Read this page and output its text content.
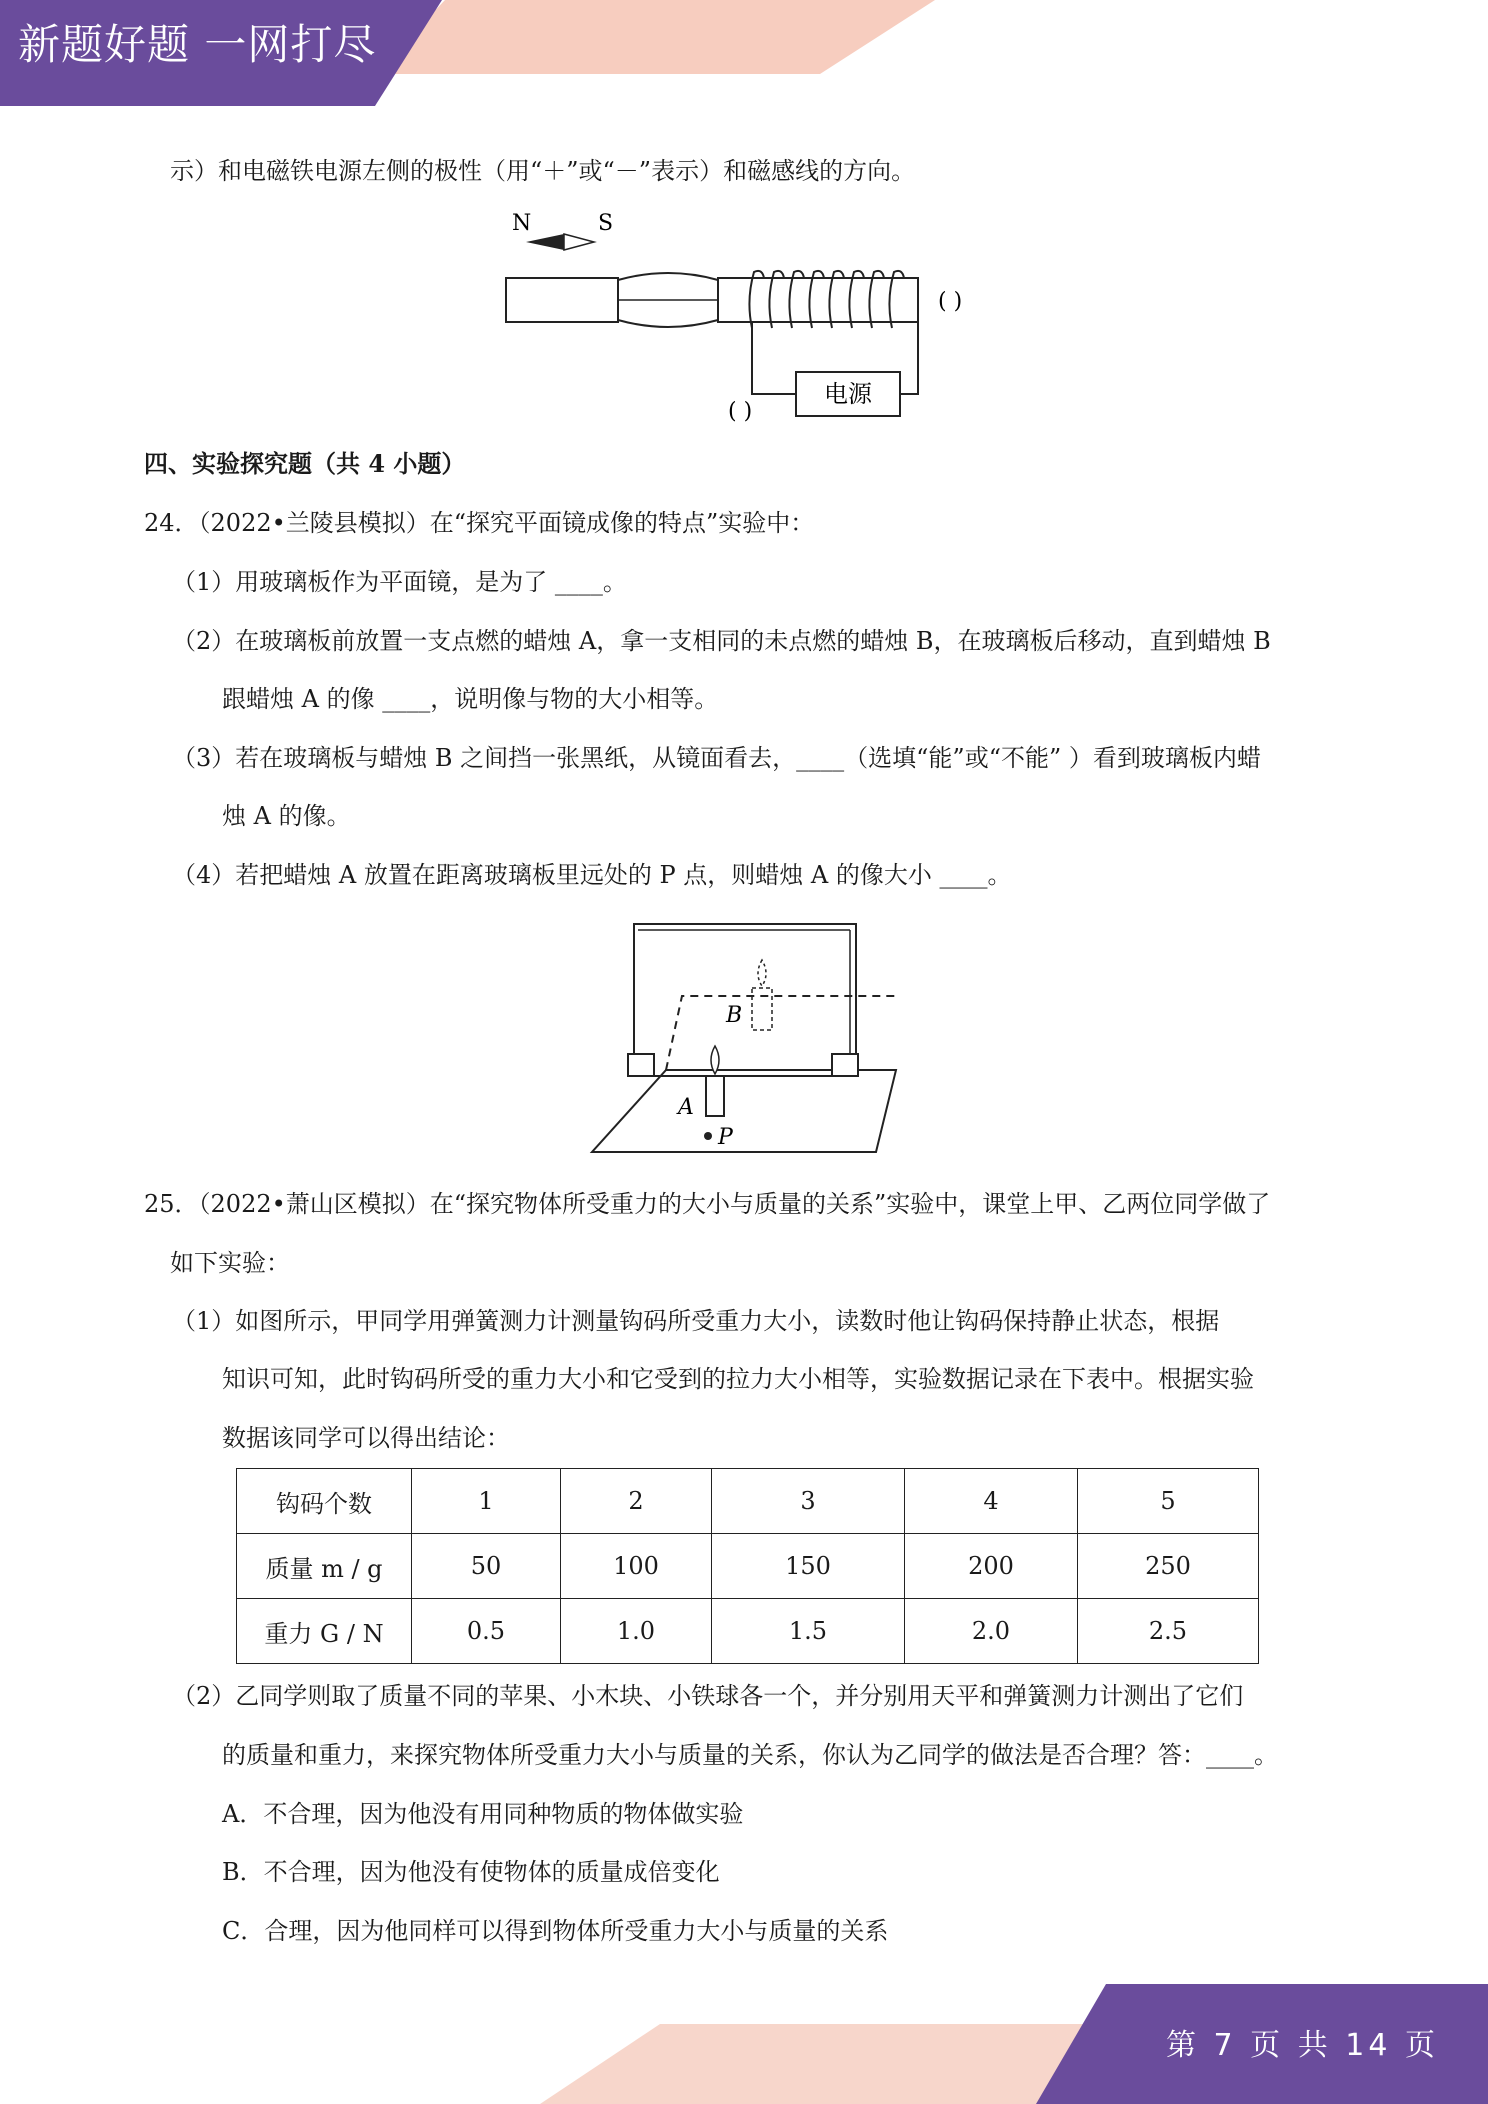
新题好题 一网打尽
示）和电磁铁电源左侧的极性（用“＋”或“－”表示）和磁感线的方向。
N	S
电源
( )
( )
四、实验探究题（共 4 小题）
24．（2022•兰陵县模拟）在“探究平面镜成像的特点”实验中：
（1）用玻璃板作为平面镜，是为了 ____。
（2）在玻璃板前放置一支点燃的蜡烛 A，拿一支相同的未点燃的蜡烛 B，在玻璃板后移动，直到蜡烛 B
跟蜡烛 A 的像 ____，说明像与物的大小相等。
（3）若在玻璃板与蜡烛 B 之间挡一张黑纸，从镜面看去，____（选填“能”或“不能” ）看到玻璃板内蜡
烛 A 的像。
（4）若把蜡烛 A 放置在距离玻璃板里远处的 P 点，则蜡烛 A 的像大小 ____。
B
A
P
25．（2022•萧山区模拟）在“探究物体所受重力的大小与质量的关系”实验中，课堂上甲、乙两位同学做了
如下实验：
（1）如图所示，甲同学用弹簧测力计测量钩码所受重力大小，读数时他让钩码保持静止状态，根据
知识可知，此时钩码所受的重力大小和它受到的拉力大小相等，实验数据记录在下表中。根据实验
数据该同学可以得出结论：
钩码个数	1	2	3	4	5
质量 m / g	50	100	150	200	250
重力 G / N	0.5	1.0	1.5	2.0	2.5
（2）乙同学则取了质量不同的苹果、小木块、小铁球各一个，并分别用天平和弹簧测力计测出了它们
的质量和重力，来探究物体所受重力大小与质量的关系，你认为乙同学的做法是否合理？答：____。
A．不合理，因为他没有用同种物质的物体做实验
B．不合理，因为他没有使物体的质量成倍变化
C．合理，因为他同样可以得到物体所受重力大小与质量的关系
第 7 页 共 14 页
